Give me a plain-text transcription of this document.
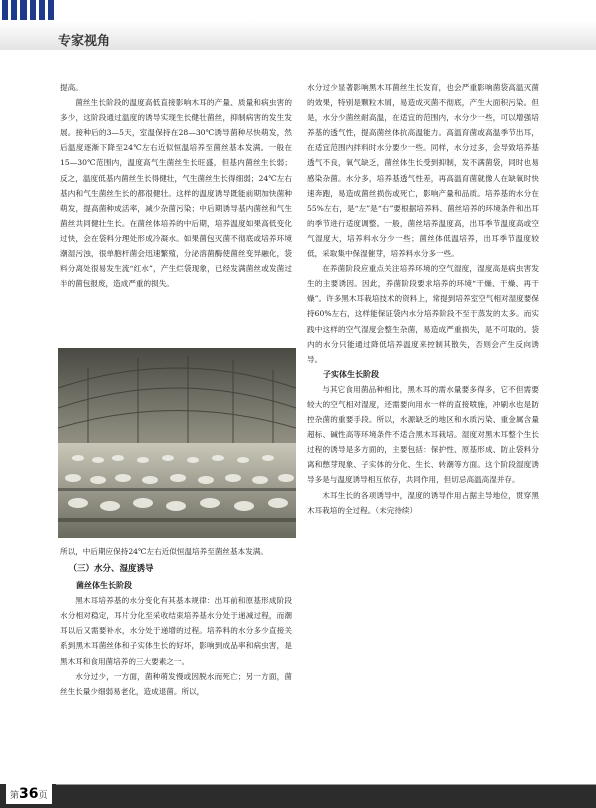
专家视角

提高。

菌丝生长阶段的温度高低直接影响木耳的产量、质量和病虫害的多少，这阶段通过温度的诱导实现生长健壮菌丝，抑制病害的发生发展。接种后的3—5天，室温保持在28—30℃诱导菌种尽快萌发，然后温度逐渐下降至24℃左右近似恒温培养至菌丝基本发满。一般在15—30℃范围内，温度高气生菌丝生长旺盛，但基内菌丝生长弱；反之，温度低基内菌丝生长得健壮，气生菌丝生长得细弱；24℃左右基内和气生菌丝生长的都很健壮。这样的温度诱导既能前期加快菌种萌发，提高菌种成活率，减少杂菌污染；中后期诱导基内菌丝和气生菌丝共同健壮生长。在菌丝体培养的中后期，培养温度如果高低变化过快，会在袋料分理处形成冷凝水。如果菌包灭菌不彻底或培养环境潮湿污浊，很单胞杆菌会迅速繁殖，分泌溶菌酶使菌丝变异融化，袋料分离处很易发生流“红水”，产生烂袋现象，已经发满菌丝或发菌过半的菌包报废，造成严重的损失。

所以，中后期应保持24℃左右近似恒温培养至菌丝基本发满。

（三）水分、湿度诱导
菌丝体生长阶段

黑木耳培养基的水分变化有其基本规律：出耳前和原基形成阶段水分相对稳定，耳片分化至采收结束培养基水分处于递减过程，而潮耳以后又需要补水，水分处于递增的过程。培养料的水分多少直接关系到黑木耳菌丝体和子实体生长的好坏，影响到成品率和病虫害，是黑木耳和食用菌培养的三大要素之一。

水分过少，一方面，菌种萌发慢或因脱水而死亡；另一方面，菌丝生长量少细弱易老化，造成退菌。所以，

水分过少显著影响黑木耳菌丝生长发育，也会严重影响菌袋高温灭菌的效果，特别是颗粒木屑，易造成灭菌不彻底，产生大面积污染。但是，水分少菌丝耐高温，在适宜的范围内，水分少一些，可以增强培养基的透气性，提高菌丝体抗高温能力。高温育菌或高温季节出耳，在适宜范围内拌料时水分要少一些。同样，水分过多，会导致培养基透气不良，氧气缺乏，菌丝体生长受到抑制，发不满菌袋，同时也易感染杂菌。水分多，培养基透气性差，再高温育菌就像人在缺氧时快速奔跑，易造成菌丝损伤或死亡，影响产量和品质。培养基的水分在55%左右，是“左”是“右”要根据培养料、菌丝培养的环境条件和出耳的季节进行适度调整。一般，菌丝培养温度高，出耳季节温度高或空气湿度大，培养料水分少一些；菌丝体低温培养，出耳季节温度较低，采取集中保湿催芽，培养料水分多一些。

在养菌阶段应重点关注培养环境的空气湿度，湿度高是病虫害发生的主要诱因。因此，养菌阶段要求培养的环境“干燥、干燥、再干燥”。许多黑木耳栽培技术的资料上，常提到培养室空气相对湿度要保持60%左右，这样能保证袋内水分培养阶段不至于蒸发的太多。而实践中这样的空气湿度会整生杂菌，易造成严重损失，是不可取的。袋内的水分只能通过降低培养温度来控制其散失，否则会产生反向诱导。

子实体生长阶段

与其它食用菌品种相比，黑木耳的需水量要多得多，它不但需要较大的空气相对湿度，还需要向用水一样的直接喷施，冲刷水也是防控杂菌的重要手段。所以，水源缺乏的地区和水质污染、重金属含量超标、碱性高等环境条件不适合黑木耳栽培。湿度对黑木耳整个生长过程的诱导是多方面的，主要包括：保护性、原基形成、防止袋料分离和憋芽现象、子实体的分化、生长、转潮等方面。这个阶段湿度诱导多是与温度诱导相互依存，共同作用，但切忌高温高湿并存。

木耳生长的各项诱导中，湿度的诱导作用占据主导地位，贯穿黑木耳栽培的全过程。（未完待续）

第36页
